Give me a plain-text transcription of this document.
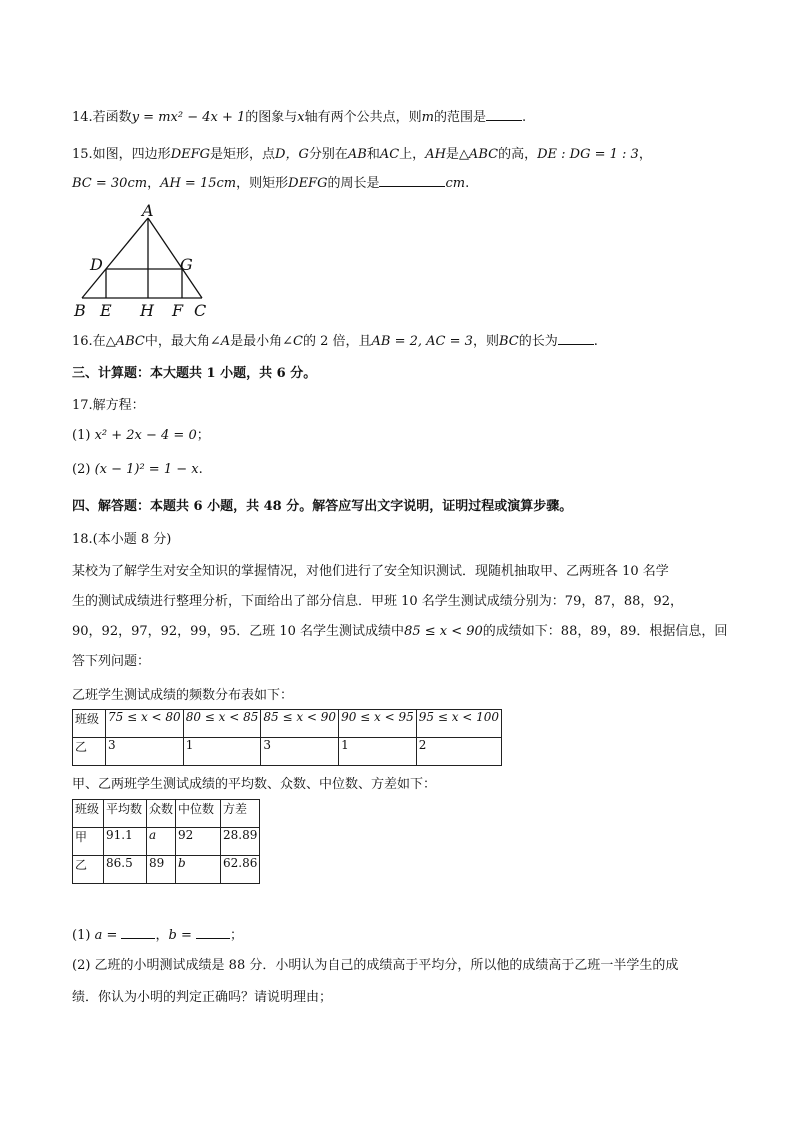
14.若函数y = mx² − 4x + 1的图象与x轴有两个公共点，则m的范围是	.
15.如图，四边形DEFG是矩形，点D，G分别在AB和AC上，AH是△ABC的高，DE : DG = 1 : 3，
BC = 30cm，AH = 15cm，则矩形DEFG的周长是	cm.
A
D	G
B E H F C
16.在△ABC中，最大角∠A是最小角∠C的 2 倍，且AB = 2, AC = 3，则BC的长为	.
三、计算题：本大题共 1 小题，共 6 分。
17.解方程：
(1) x² + 2x − 4 = 0；
(2) (x − 1)² = 1 − x.
四、解答题：本题共 6 小题，共 48 分。解答应写出文字说明，证明过程或演算步骤。
18.(本小题 8 分)
某校为了解学生对安全知识的掌握情况，对他们进行了安全知识测试．现随机抽取甲、乙两班各 10 名学
生的测试成绩进行整理分析，下面给出了部分信息．甲班 10 名学生测试成绩分别为：79，87，88，92，
90，92，97，92，99，95．乙班 10 名学生测试成绩中85 ≤ x < 90的成绩如下：88，89，89．根据信息，回
答下列问题：
乙班学生测试成绩的频数分布表如下：
班级	75 ≤ x < 80	80 ≤ x < 85	85 ≤ x < 90	90 ≤ x < 95	95 ≤ x < 100
乙	3	1	3	1	2
甲、乙两班学生测试成绩的平均数、众数、中位数、方差如下：
班级	平均数	众数	中位数	方差
甲	91.1	a	92	28.89
乙	86.5	89	b	62.86
(1) a =	，b =	；
(2) 乙班的小明测试成绩是 88 分．小明认为自己的成绩高于平均分，所以他的成绩高于乙班一半学生的成
绩．你认为小明的判定正确吗？请说明理由；
